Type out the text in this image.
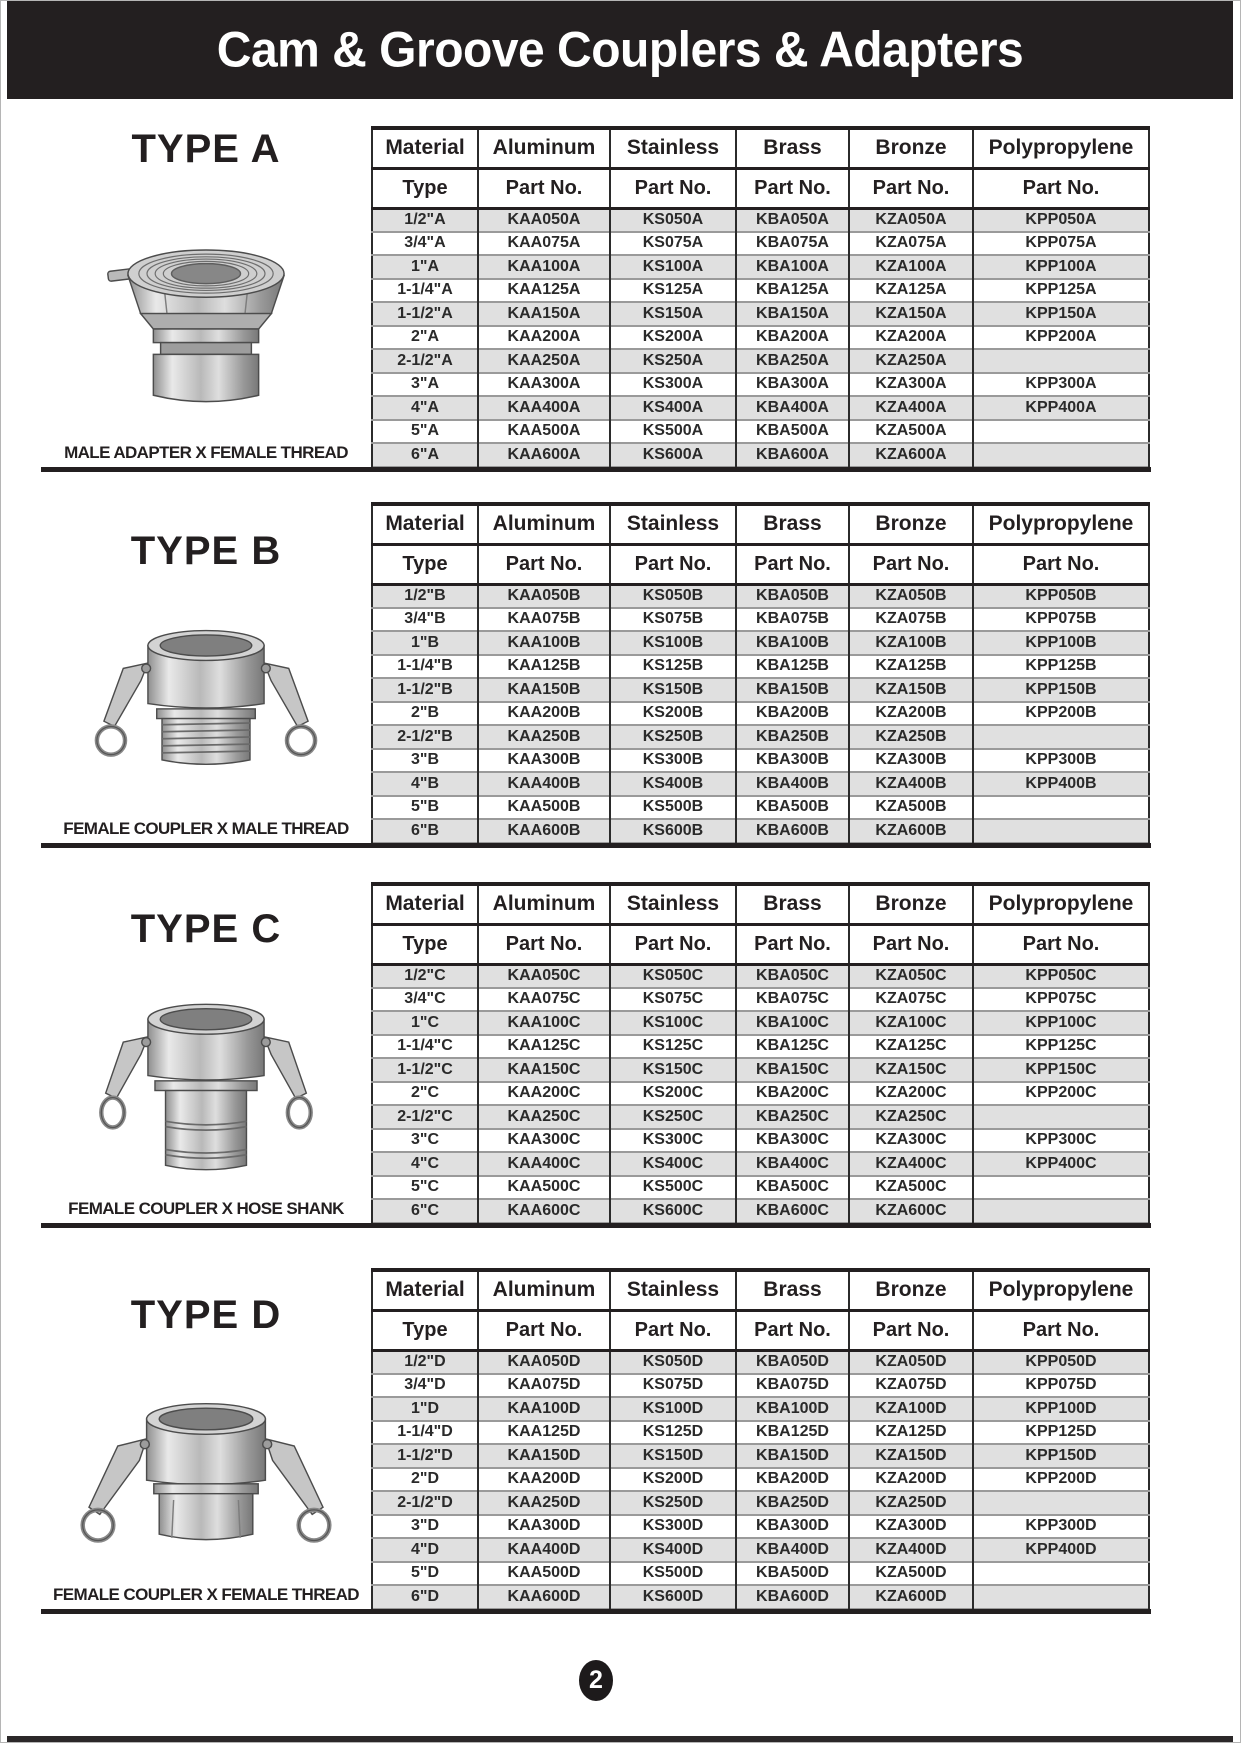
Cam & Groove Couplers & Adapters
TYPE A
MALE ADAPTER X FEMALE THREAD
Material	Aluminum	Stainless	Brass	Bronze	Polypropylene
Type	Part No.	Part No.	Part No.	Part No.	Part No.
1/2"A	KAA050A	KS050A	KBA050A	KZA050A	KPP050A
3/4"A	KAA075A	KS075A	KBA075A	KZA075A	KPP075A
1"A	KAA100A	KS100A	KBA100A	KZA100A	KPP100A
1-1/4"A	KAA125A	KS125A	KBA125A	KZA125A	KPP125A
1-1/2"A	KAA150A	KS150A	KBA150A	KZA150A	KPP150A
2"A	KAA200A	KS200A	KBA200A	KZA200A	KPP200A
2-1/2"A	KAA250A	KS250A	KBA250A	KZA250A	
3"A	KAA300A	KS300A	KBA300A	KZA300A	KPP300A
4"A	KAA400A	KS400A	KBA400A	KZA400A	KPP400A
5"A	KAA500A	KS500A	KBA500A	KZA500A	
6"A	KAA600A	KS600A	KBA600A	KZA600A	
TYPE B
FEMALE COUPLER X MALE THREAD
Material	Aluminum	Stainless	Brass	Bronze	Polypropylene
Type	Part No.	Part No.	Part No.	Part No.	Part No.
1/2"B	KAA050B	KS050B	KBA050B	KZA050B	KPP050B
3/4"B	KAA075B	KS075B	KBA075B	KZA075B	KPP075B
1"B	KAA100B	KS100B	KBA100B	KZA100B	KPP100B
1-1/4"B	KAA125B	KS125B	KBA125B	KZA125B	KPP125B
1-1/2"B	KAA150B	KS150B	KBA150B	KZA150B	KPP150B
2"B	KAA200B	KS200B	KBA200B	KZA200B	KPP200B
2-1/2"B	KAA250B	KS250B	KBA250B	KZA250B	
3"B	KAA300B	KS300B	KBA300B	KZA300B	KPP300B
4"B	KAA400B	KS400B	KBA400B	KZA400B	KPP400B
5"B	KAA500B	KS500B	KBA500B	KZA500B	
6"B	KAA600B	KS600B	KBA600B	KZA600B	
TYPE C
FEMALE COUPLER X HOSE SHANK
Material	Aluminum	Stainless	Brass	Bronze	Polypropylene
Type	Part No.	Part No.	Part No.	Part No.	Part No.
1/2"C	KAA050C	KS050C	KBA050C	KZA050C	KPP050C
3/4"C	KAA075C	KS075C	KBA075C	KZA075C	KPP075C
1"C	KAA100C	KS100C	KBA100C	KZA100C	KPP100C
1-1/4"C	KAA125C	KS125C	KBA125C	KZA125C	KPP125C
1-1/2"C	KAA150C	KS150C	KBA150C	KZA150C	KPP150C
2"C	KAA200C	KS200C	KBA200C	KZA200C	KPP200C
2-1/2"C	KAA250C	KS250C	KBA250C	KZA250C	
3"C	KAA300C	KS300C	KBA300C	KZA300C	KPP300C
4"C	KAA400C	KS400C	KBA400C	KZA400C	KPP400C
5"C	KAA500C	KS500C	KBA500C	KZA500C	
6"C	KAA600C	KS600C	KBA600C	KZA600C	
TYPE D
FEMALE COUPLER X FEMALE THREAD
Material	Aluminum	Stainless	Brass	Bronze	Polypropylene
Type	Part No.	Part No.	Part No.	Part No.	Part No.
1/2"D	KAA050D	KS050D	KBA050D	KZA050D	KPP050D
3/4"D	KAA075D	KS075D	KBA075D	KZA075D	KPP075D
1"D	KAA100D	KS100D	KBA100D	KZA100D	KPP100D
1-1/4"D	KAA125D	KS125D	KBA125D	KZA125D	KPP125D
1-1/2"D	KAA150D	KS150D	KBA150D	KZA150D	KPP150D
2"D	KAA200D	KS200D	KBA200D	KZA200D	KPP200D
2-1/2"D	KAA250D	KS250D	KBA250D	KZA250D	
3"D	KAA300D	KS300D	KBA300D	KZA300D	KPP300D
4"D	KAA400D	KS400D	KBA400D	KZA400D	KPP400D
5"D	KAA500D	KS500D	KBA500D	KZA500D	
6"D	KAA600D	KS600D	KBA600D	KZA600D	
2
